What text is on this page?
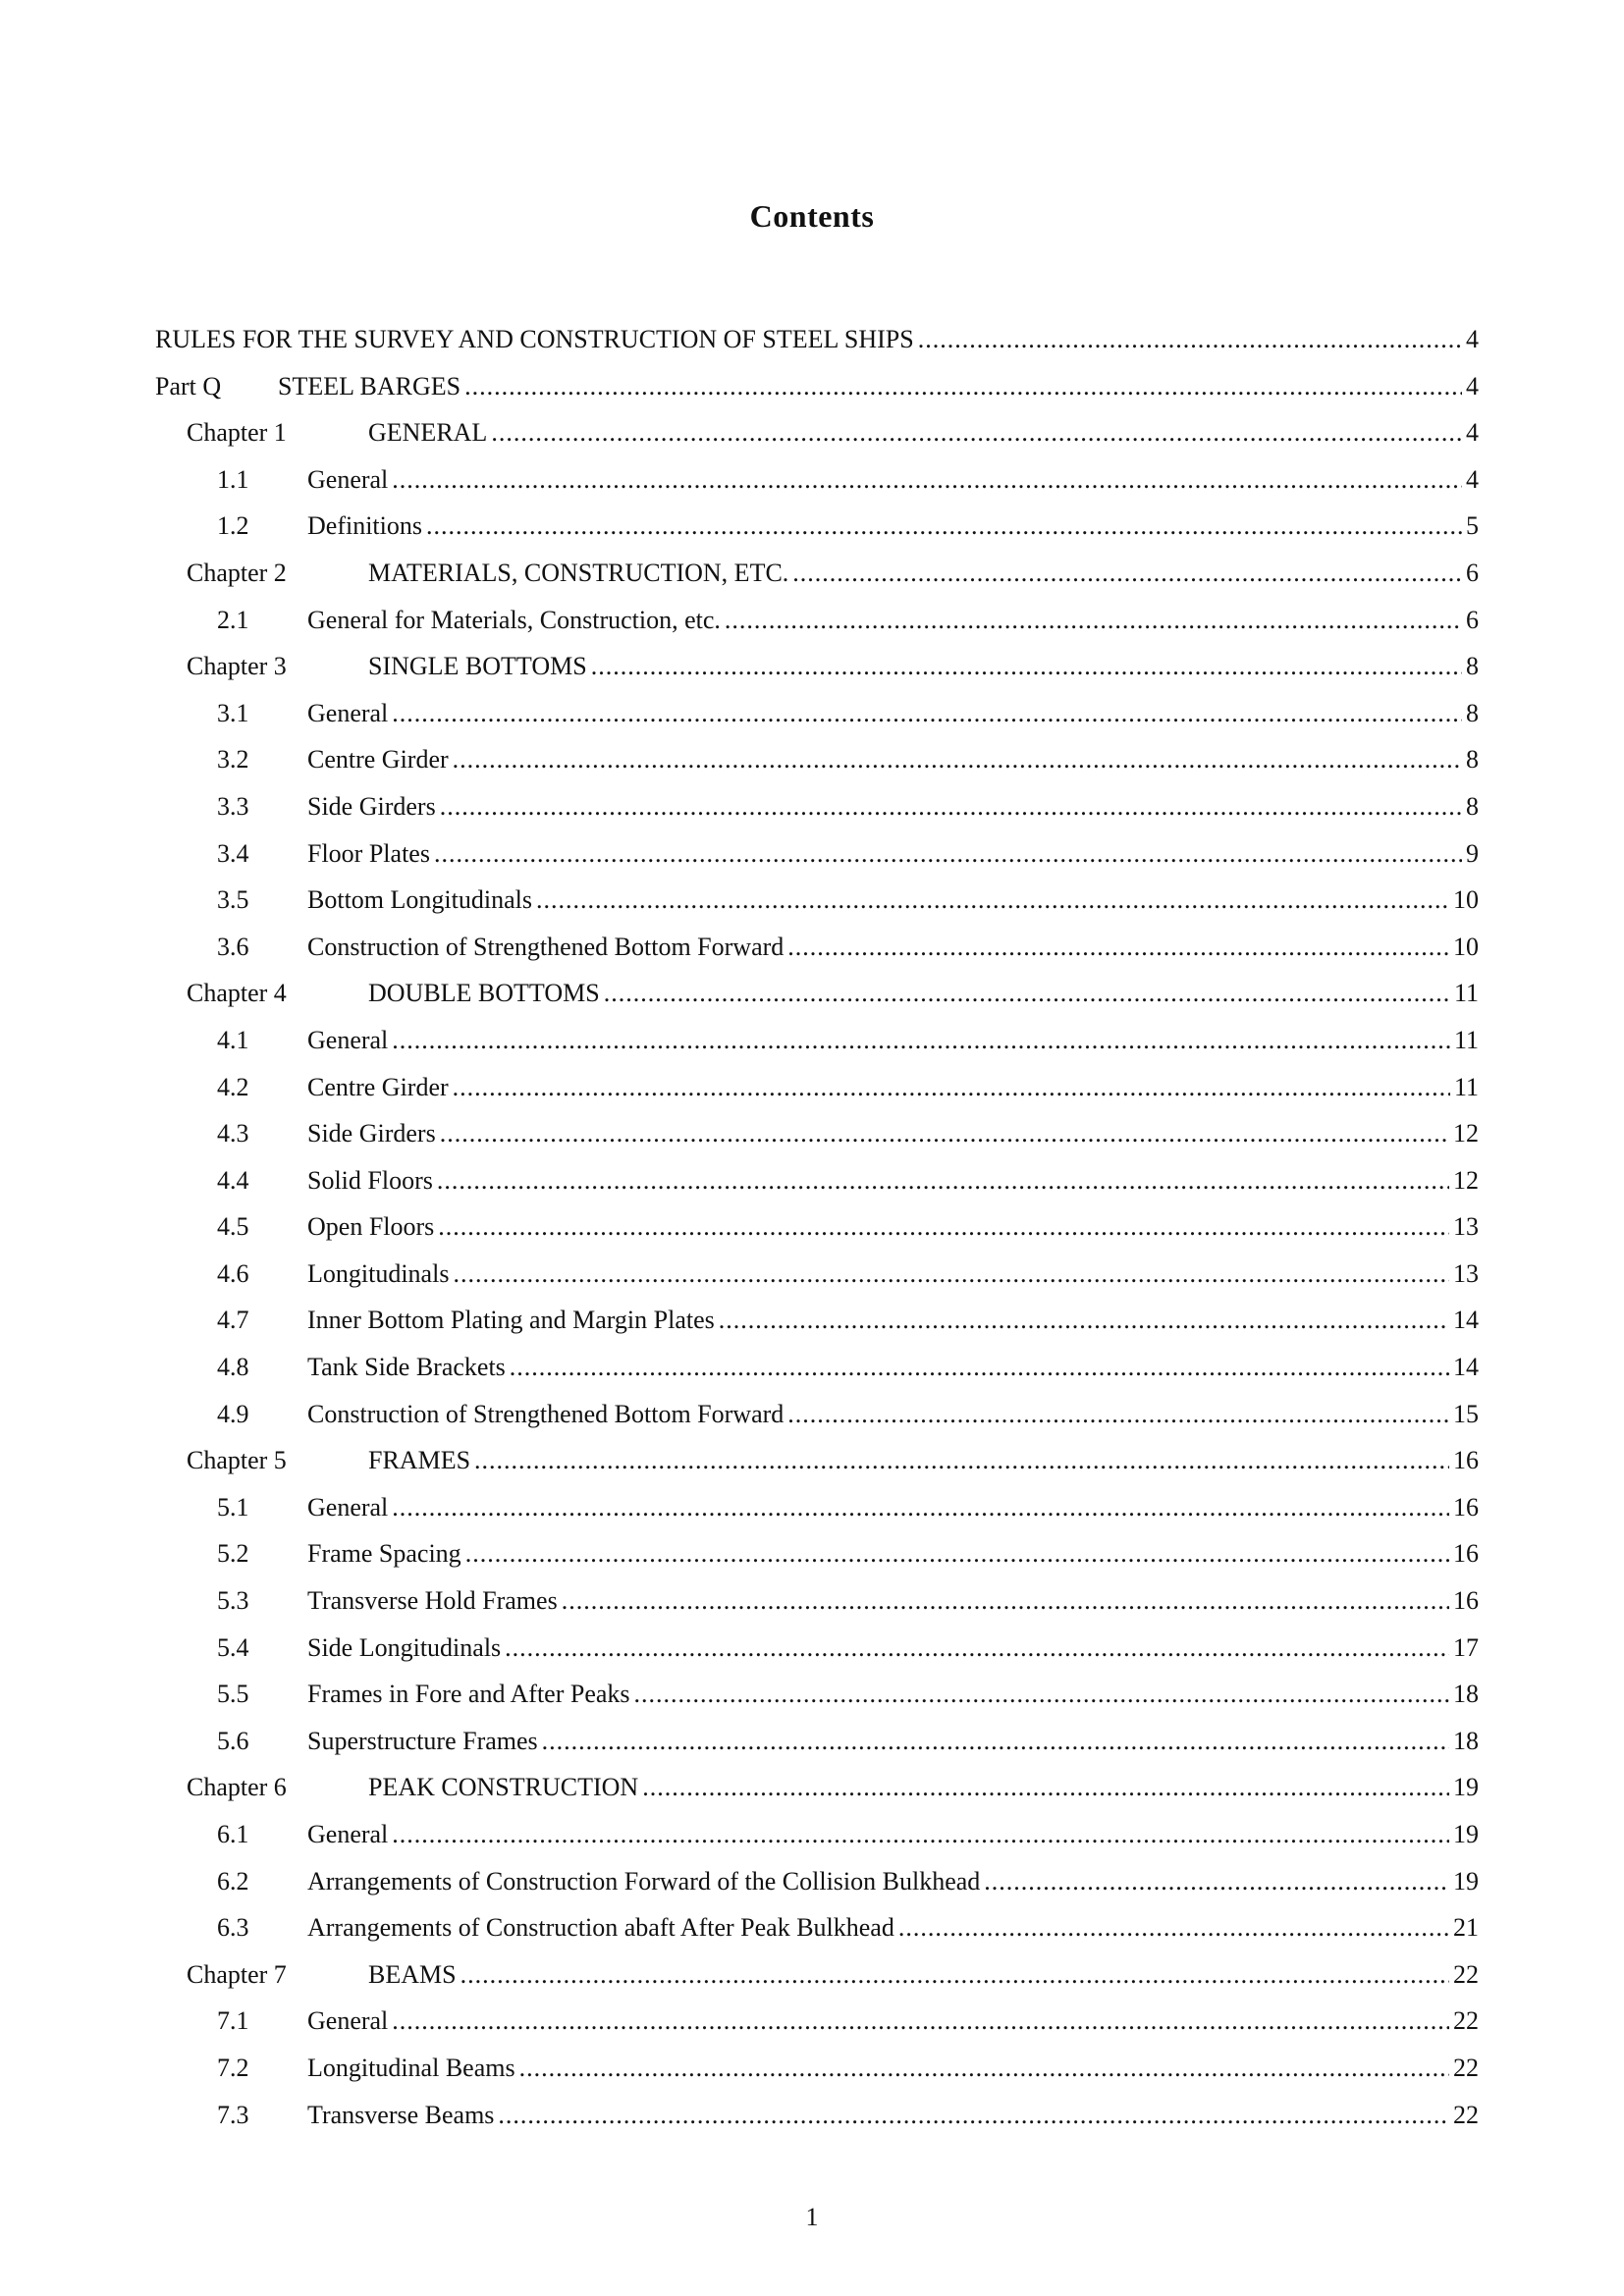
Contents
RULES FOR THE SURVEY AND CONSTRUCTION OF STEEL SHIPS .....	4
Part Q	STEEL BARGES .....	4
Chapter 1	GENERAL .....	4
1.1	General .....	4
1.2	Definitions .....	5
Chapter 2	MATERIALS, CONSTRUCTION, ETC. .....	6
2.1	General for Materials, Construction, etc. .....	6
Chapter 3	SINGLE BOTTOMS .....	8
3.1	General .....	8
3.2	Centre Girder .....	8
3.3	Side Girders .....	8
3.4	Floor Plates .....	9
3.5	Bottom Longitudinals .....	10
3.6	Construction of Strengthened Bottom Forward .....	10
Chapter 4	DOUBLE BOTTOMS .....	11
4.1	General .....	11
4.2	Centre Girder .....	11
4.3	Side Girders .....	12
4.4	Solid Floors .....	12
4.5	Open Floors .....	13
4.6	Longitudinals .....	13
4.7	Inner Bottom Plating and Margin Plates .....	14
4.8	Tank Side Brackets .....	14
4.9	Construction of Strengthened Bottom Forward .....	15
Chapter 5	FRAMES .....	16
5.1	General .....	16
5.2	Frame Spacing .....	16
5.3	Transverse Hold Frames .....	16
5.4	Side Longitudinals .....	17
5.5	Frames in Fore and After Peaks .....	18
5.6	Superstructure Frames .....	18
Chapter 6	PEAK CONSTRUCTION .....	19
6.1	General .....	19
6.2	Arrangements of Construction Forward of the Collision Bulkhead .....	19
6.3	Arrangements of Construction abaft After Peak Bulkhead .....	21
Chapter 7	BEAMS .....	22
7.1	General .....	22
7.2	Longitudinal Beams .....	22
7.3	Transverse Beams .....	22
1
